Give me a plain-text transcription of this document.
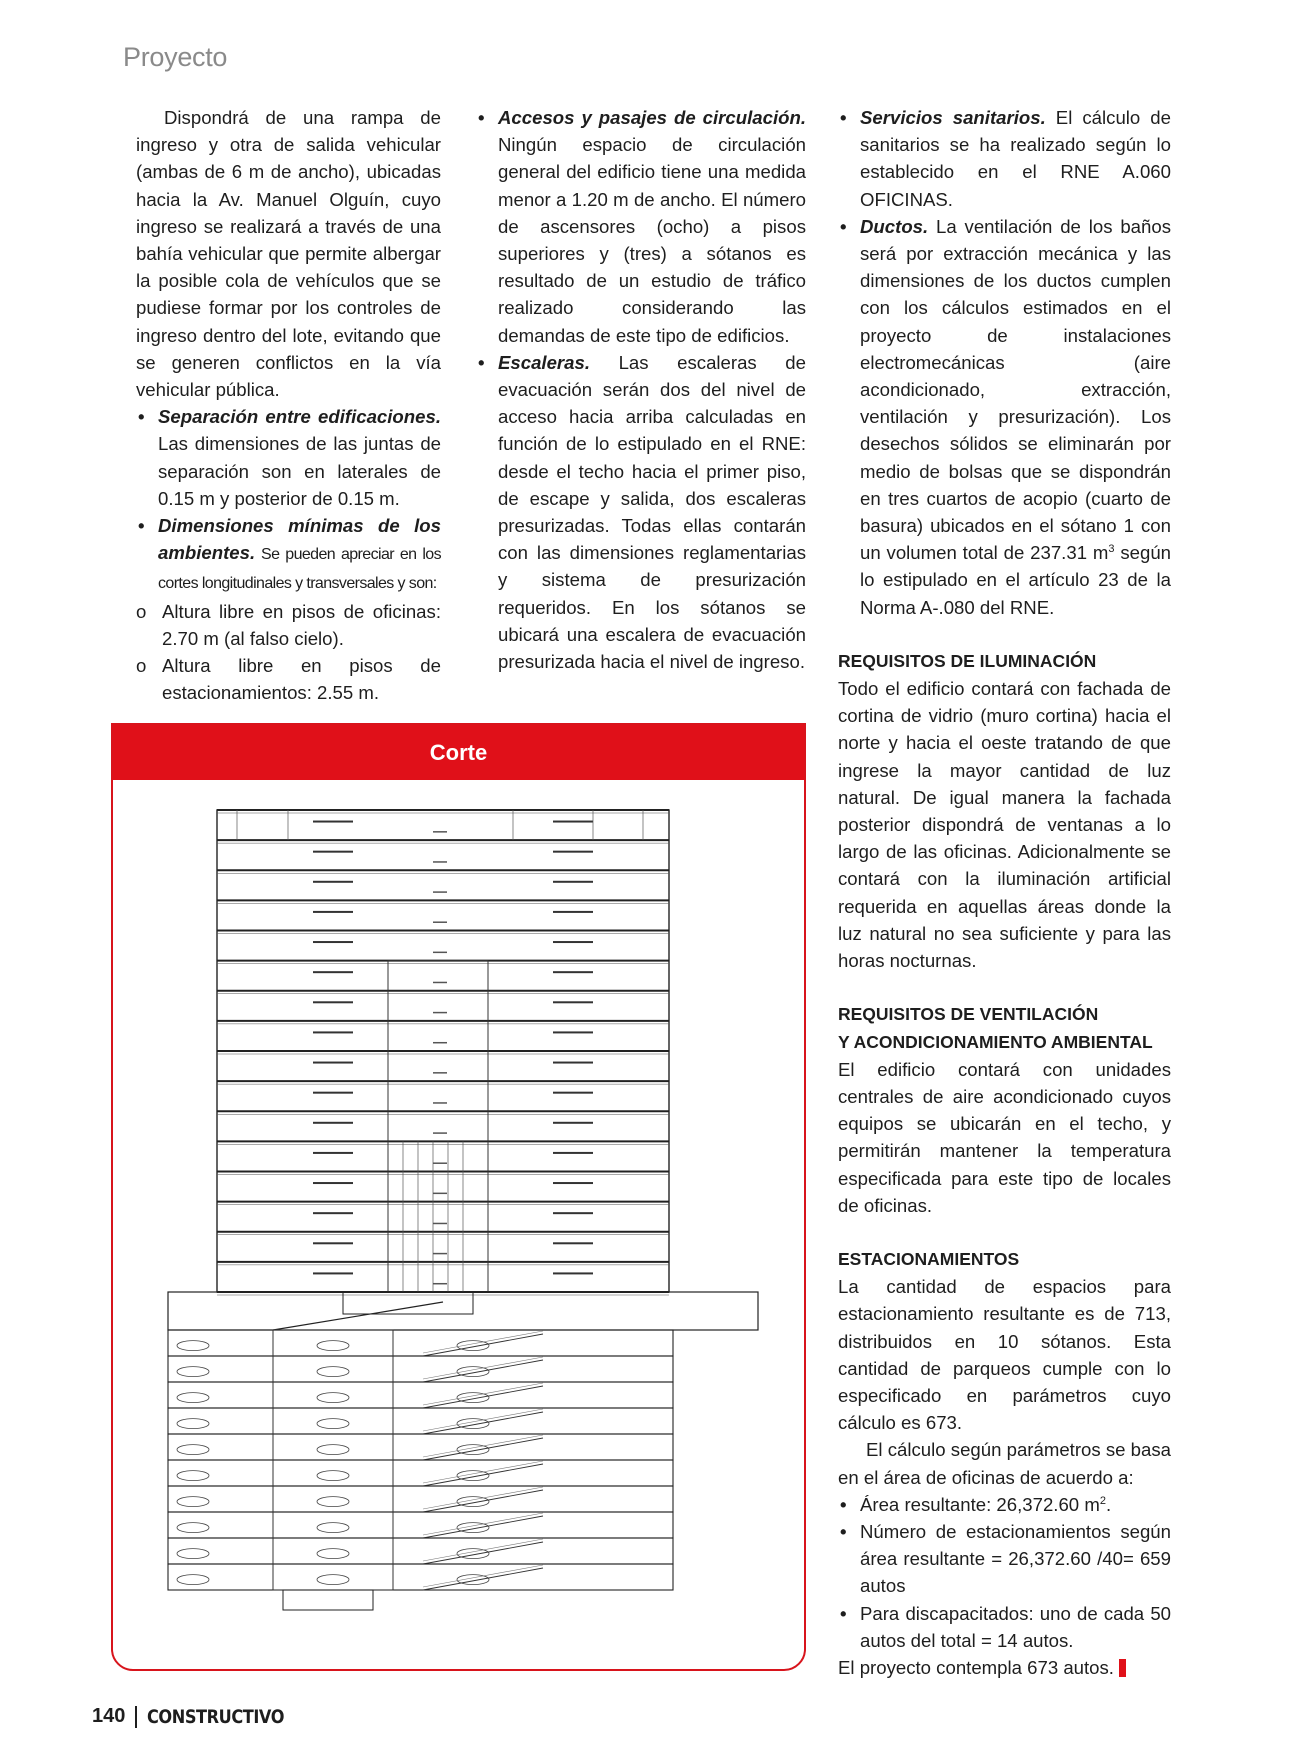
Proyecto

Dispondrá de una rampa de ingreso y otra de salida vehicular (ambas de 6 m de ancho), ubicadas hacia la Av. Manuel Olguín, cuyo ingreso se realizará a través de una bahía vehicular que permite albergar la posible cola de vehículos que se pudiese formar por los controles de ingreso dentro del lote, evitando que se generen conflictos en la vía vehicular pública.

• Separación entre edificaciones. Las dimensiones de las juntas de separación son en laterales de 0.15 m y posterior de 0.15 m.
• Dimensiones mínimas de los ambientes. Se pueden apreciar en los cortes longitudinales y transversales y son:
o Altura libre en pisos de oficinas: 2.70 m (al falso cielo).
o Altura libre en pisos de estacionamientos: 2.55 m.
• Accesos y pasajes de circulación. Ningún espacio de circulación general del edificio tiene una medida menor a 1.20 m de ancho. El número de ascensores (ocho) a pisos superiores y (tres) a sótanos es resultado de un estudio de tráfico realizado considerando las demandas de este tipo de edificios.
• Escaleras. Las escaleras de evacuación serán dos del nivel de acceso hacia arriba calculadas en función de lo estipulado en el RNE: desde el techo hacia el primer piso, de escape y salida, dos escaleras presurizadas. Todas ellas contarán con las dimensiones reglamentarias y sistema de presurización requeridos. En los sótanos se ubicará una escalera de evacuación presurizada hacia el nivel de ingreso.
• Servicios sanitarios. El cálculo de sanitarios se ha realizado según lo establecido en el RNE A.060 OFICINAS.
• Ductos. La ventilación de los baños será por extracción mecánica y las dimensiones de los ductos cumplen con los cálculos estimados en el proyecto de instalaciones electromecánicas (aire acondicionado, extracción, ventilación y presurización). Los desechos sólidos se eliminarán por medio de bolsas que se dispondrán en tres cuartos de acopio (cuarto de basura) ubicados en el sótano 1 con un volumen total de 237.31 $m^3$ según lo estipulado en el artículo 23 de la Norma A-.080 del RNE.

REQUISITOS DE ILUMINACIÓN

Todo el edificio contará con fachada de cortina de vidrio (muro cortina) hacia el norte y hacia el oeste tratando de que ingrese la mayor cantidad de luz natural. De igual manera la fachada posterior dispondrá de ventanas a lo largo de las oficinas. Adicionalmente se contará con la iluminación artificial requerida en aquellas áreas donde la luz natural no sea suficiente y para las horas nocturnas.

REQUISITOS DE VENTILACIÓN

Y ACONDICIONAMIENTO AMBIENTAL

El edificio contará con unidades centrales de aire acondicionado cuyos equipos se ubicarán en el techo, y permitirán mantener la temperatura especificada para este tipo de locales de oficinas.

ESTACIONAMIENTOS

La cantidad de espacios para estacionamiento resultante es de 713, distribuidos en 10 sótanos. Esta cantidad de parqueos cumple con lo especificado en parámetros cuyo cálculo es 673.

El cálculo según parámetros se basa en el área de oficinas de acuerdo a:

• Área resultante: 26,372.60 $m^2$.
• Número de estacionamientos según área resultante = 26,372.60 /40= 659 autos
• Para discapacitados: uno de cada 50 autos del total = 14 autos.

El proyecto contempla 673 autos.

Corte
140 CONSTRUCTIVO
